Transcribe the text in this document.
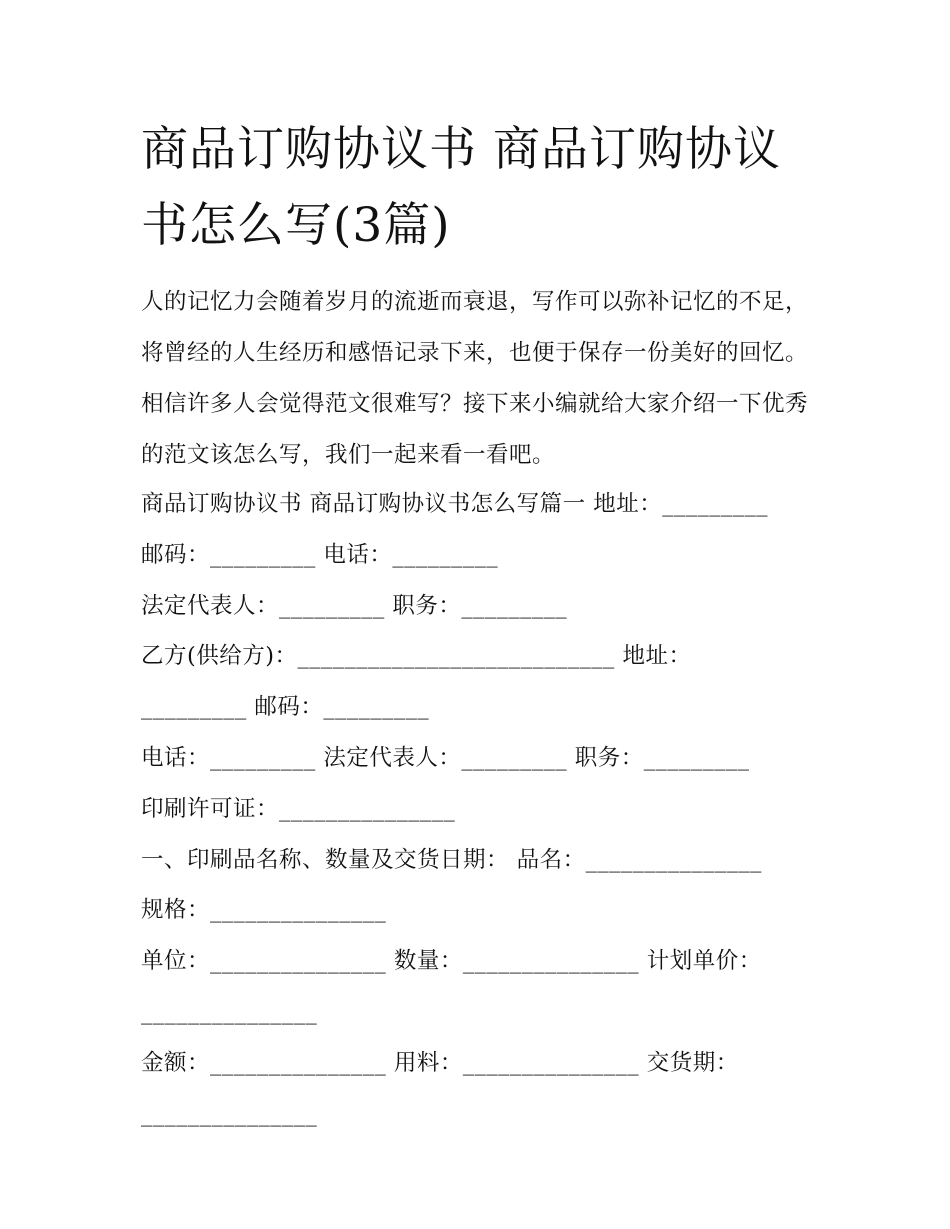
商品订购协议书 商品订购协议书怎么写(3篇)

人的记忆力会随着岁月的流逝而衰退，写作可以弥补记忆的不足，将曾经的人生经历和感悟记录下来，也便于保存一份美好的回忆。相信许多人会觉得范文很难写？接下来小编就给大家介绍一下优秀的范文该怎么写，我们一起来看一看吧。

商品订购协议书 商品订购协议书怎么写篇一 地址：_________
邮码：_________ 电话：_________
法定代表人：_________ 职务：_________
乙方(供给方)：___________________________ 地址：
_________ 邮码：_________
电话：_________ 法定代表人：_________ 职务：_________
印刷许可证：_______________
一、印刷品名称、数量及交货日期： 品名：_______________
规格：_______________
单位：_______________ 数量：_______________ 计划单价：
_______________
金额：_______________ 用料：_______________ 交货期：
_______________
